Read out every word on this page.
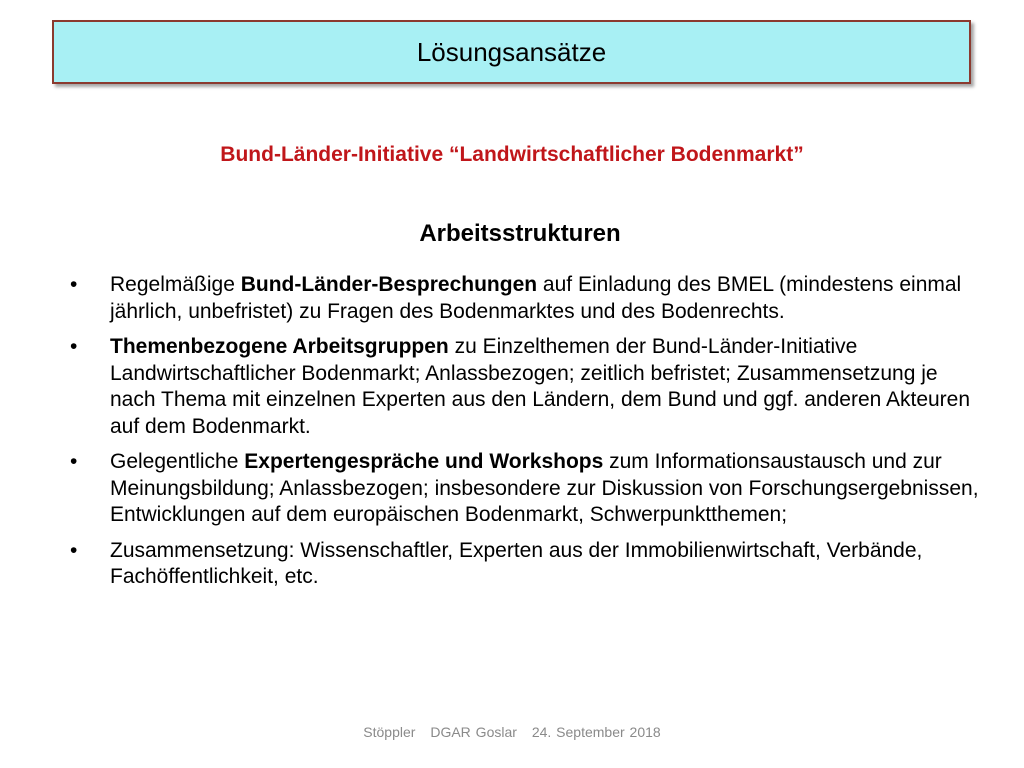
Lösungsansätze
Bund-Länder-Initiative “Landwirtschaftlicher Bodenmarkt”
Arbeitsstrukturen
•	Regelmäßige Bund-Länder-Besprechungen auf Einladung des BMEL (mindestens einmal jährlich, unbefristet) zu Fragen des Bodenmarktes und des Bodenrechts.
•	Themenbezogene Arbeitsgruppen zu Einzelthemen der Bund-Länder-Initiative Landwirtschaftlicher Bodenmarkt; Anlassbezogen; zeitlich befristet; Zusammensetzung je nach Thema mit einzelnen Experten aus den Ländern, dem Bund und ggf. anderen Akteuren auf dem Bodenmarkt.
•	Gelegentliche Expertengespräche und Workshops zum Informationsaustausch und zur Meinungsbildung; Anlassbezogen; insbesondere zur Diskussion von Forschungsergebnissen, Entwicklungen auf dem europäischen Bodenmarkt, Schwerpunktthemen;
•	Zusammensetzung: Wissenschaftler, Experten aus der Immobilienwirtschaft, Verbände, Fachöffentlichkeit, etc.
Stöppler DGAR Goslar 24. September 2018
